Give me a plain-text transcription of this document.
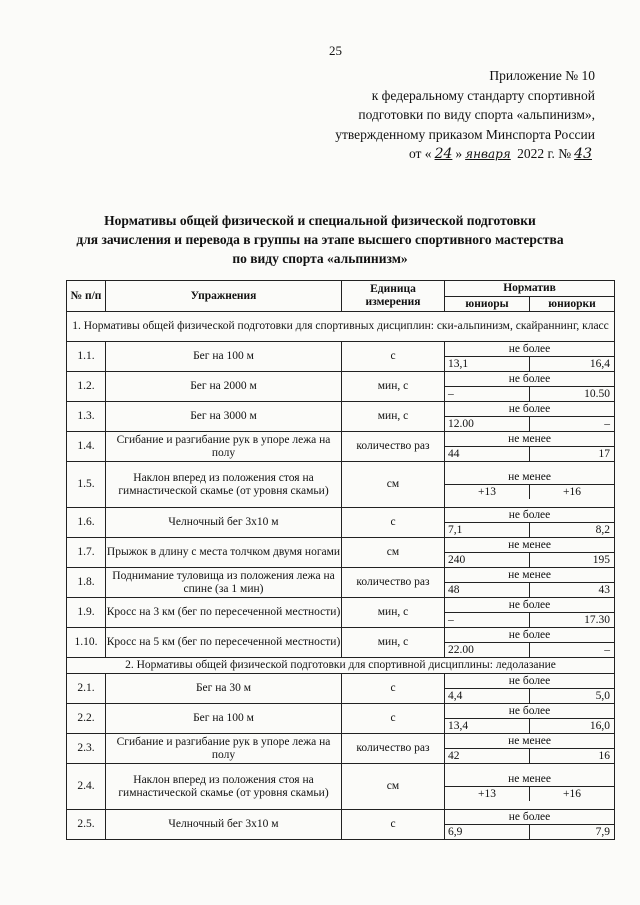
25
Приложение № 10
к федеральному стандарту спортивной
подготовки по виду спорта «альпинизм»,
утвержденному приказом Минспорта России
от « 24 » января 2022 г. № 43
Нормативы общей физической и специальной физической подготовки
для зачисления и перевода в группы на этапе высшего спортивного мастерства
по виду спорта «альпинизм»
№ п/п	Упражнения	Единица измерения	Норматив	
			юниоры	юниорки
1. Нормативы общей физической подготовки для спортивных дисциплин: ски-альпинизм, скайраннинг, класс				
1.1.	Бег на 100 м	с	не более
13,1 16,4	

1.2.	Бег на 2000 м	мин, с	не более
– 10.50	

1.3.	Бег на 3000 м	мин, с	не более
12.00 –	

1.4.	Сгибание и разгибание рук в упоре лежа на полу	количество раз	не менее
44 17	

1.5.	Наклон вперед из положения стоя на гимнастической скамье (от уровня скамьи)	см	не менее
+13 +16	

1.6.	Челночный бег 3х10 м	с	не более
7,1 8,2	

1.7.	Прыжок в длину с места толчком двумя ногами	см	не менее
240 195	

1.8.	Поднимание туловища из положения лежа на спине (за 1 мин)	количество раз	не менее
48 43	

1.9.	Кросс на 3 км (бег по пересеченной местности)	мин, с	не более
– 17.30	

1.10.	Кросс на 5 км (бег по пересеченной местности)	мин, с	не более
22.00 –	

2. Нормативы общей физической подготовки для спортивной дисциплины: ледолазание				
2.1.	Бег на 30 м	с	не более
4,4 5,0	

2.2.	Бег на 100 м	с	не более
13,4 16,0	

2.3.	Сгибание и разгибание рук в упоре лежа на полу	количество раз	не менее
42 16	

2.4.	Наклон вперед из положения стоя на гимнастической скамье (от уровня скамьи)	см	не менее
+13 +16	

2.5.	Челночный бег 3х10 м	с	не более
6,9 7,9	
